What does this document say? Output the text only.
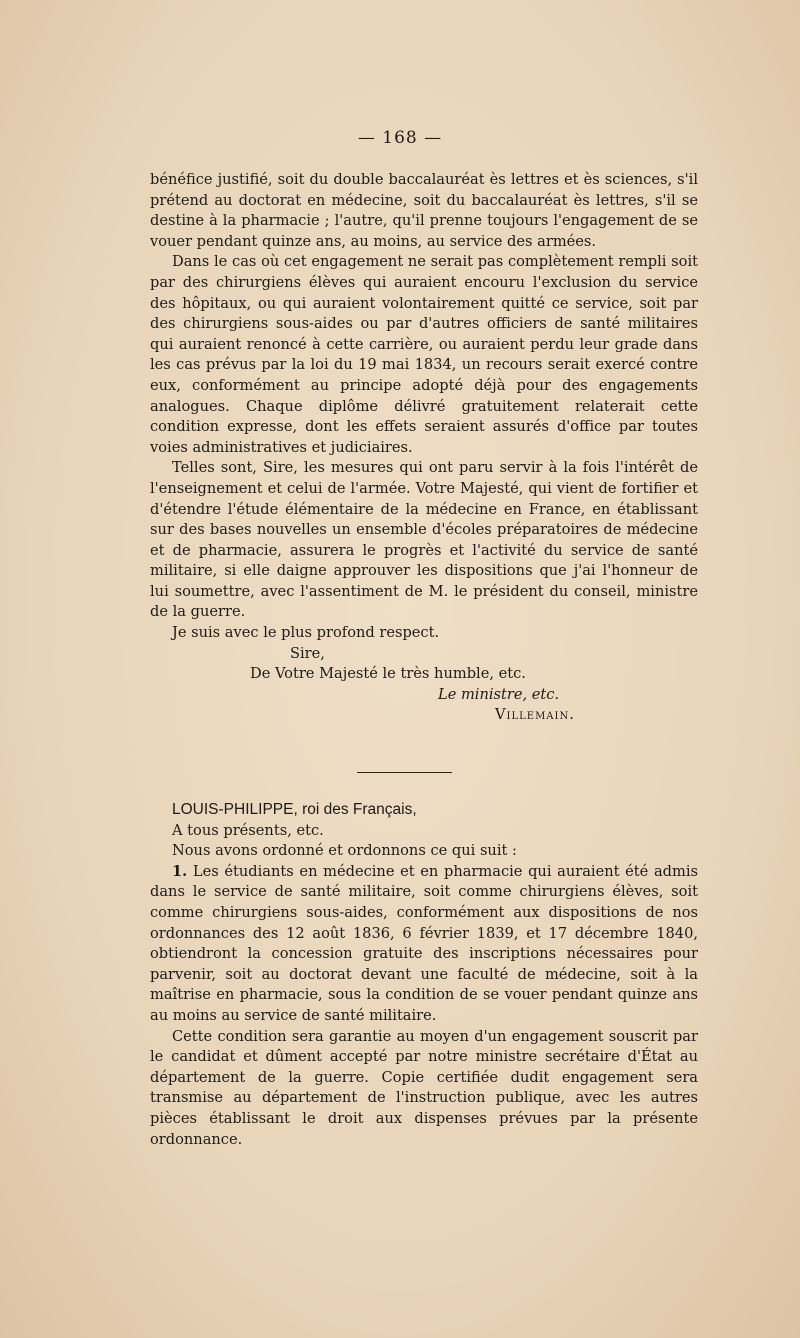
— 168 —

bénéfice justifié, soit du double baccalauréat ès lettres et ès sciences, s'il prétend au doctorat en médecine, soit du baccalauréat ès lettres, s'il se destine à la pharmacie ; l'autre, qu'il prenne toujours l'engagement de se vouer pendant quinze ans, au moins, au service des armées.

Dans le cas où cet engagement ne serait pas complètement rempli soit par des chirurgiens élèves qui auraient encouru l'exclusion du service des hôpitaux, ou qui auraient volontairement quitté ce service, soit par des chirurgiens sous-aides ou par d'autres officiers de santé militaires qui auraient renoncé à cette carrière, ou auraient perdu leur grade dans les cas prévus par la loi du 19 mai 1834, un recours serait exercé contre eux, conformément au principe adopté déjà pour des engagements analogues. Chaque diplôme délivré gratuitement relaterait cette condition expresse, dont les effets seraient assurés d'office par toutes voies administratives et judiciaires.

Telles sont, Sire, les mesures qui ont paru servir à la fois l'intérêt de l'enseignement et celui de l'armée. Votre Majesté, qui vient de fortifier et d'étendre l'étude élémentaire de la médecine en France, en établissant sur des bases nouvelles un ensemble d'écoles préparatoires de médecine et de pharmacie, assurera le progrès et l'activité du service de santé militaire, si elle daigne approuver les dispositions que j'ai l'honneur de lui soumettre, avec l'assentiment de M. le président du conseil, ministre de la guerre.

Je suis avec le plus profond respect.

Sire,

De Votre Majesté le très humble, etc.

Le ministre, etc.

Villemain.

LOUIS-PHILIPPE, roi des Français,

A tous présents, etc.

Nous avons ordonné et ordonnons ce qui suit :

1. Les étudiants en médecine et en pharmacie qui auraient été admis dans le service de santé militaire, soit comme chirurgiens élèves, soit comme chirurgiens sous-aides, conformément aux dispositions de nos ordonnances des 12 août 1836, 6 février 1839, et 17 décembre 1840, obtiendront la concession gratuite des inscriptions nécessaires pour parvenir, soit au doctorat devant une faculté de médecine, soit à la maîtrise en pharmacie, sous la condition de se vouer pendant quinze ans au moins au service de santé militaire.

Cette condition sera garantie au moyen d'un engagement souscrit par le candidat et dûment accepté par notre ministre secrétaire d'État au département de la guerre. Copie certifiée dudit engagement sera transmise au département de l'instruction publique, avec les autres pièces établissant le droit aux dispenses prévues par la présente ordonnance.
